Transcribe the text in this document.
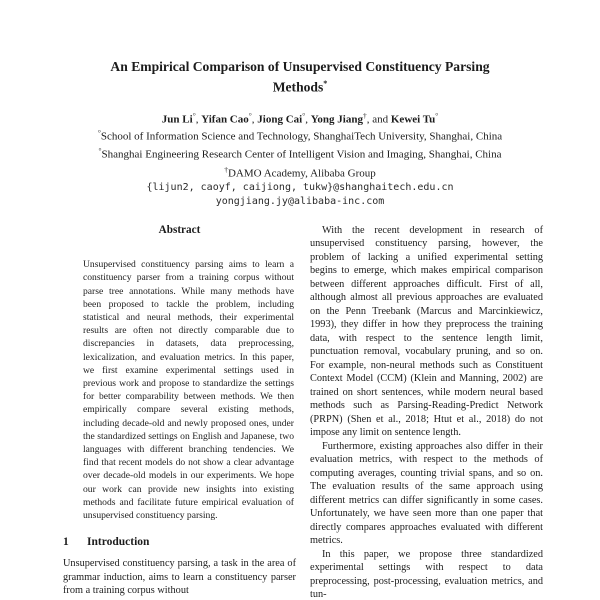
An Empirical Comparison of Unsupervised Constituency Parsing
Methods*
Jun Li°, Yifan Cao°, Jiong Cai°, Yong Jiang†, and Kewei Tu°
°School of Information Science and Technology, ShanghaiTech University, Shanghai, China
°Shanghai Engineering Research Center of Intelligent Vision and Imaging, Shanghai, China
†DAMO Academy, Alibaba Group
{lijun2, caoyf, caijiong, tukw}@shanghaitech.edu.cn
yongjiang.jy@alibaba-inc.com
Abstract

Unsupervised constituency parsing aims to learn a constituency parser from a training corpus without parse tree annotations. While many methods have been proposed to tackle the problem, including statistical and neural methods, their experimental results are often not directly comparable due to discrepancies in datasets, data preprocessing, lexicalization, and evaluation metrics. In this paper, we first examine experimental settings used in previous work and propose to standardize the settings for better comparability between methods. We then empirically compare several existing methods, including decade-old and newly proposed ones, under the standardized settings on English and Japanese, two languages with different branching tendencies. We find that recent models do not show a clear advantage over decade-old models in our experiments. We hope our work can provide new insights into existing methods and facilitate future empirical evaluation of unsupervised constituency parsing.

1 Introduction

Unsupervised constituency parsing, a task in the area of grammar induction, aims to learn a constituency parser from a training corpus without

With the recent development in research of unsupervised constituency parsing, however, the problem of lacking a unified experimental setting begins to emerge, which makes empirical comparison between different approaches difficult. First of all, although almost all previous approaches are evaluated on the Penn Treebank (Marcus and Marcinkiewicz, 1993), they differ in how they preprocess the training data, with respect to the sentence length limit, punctuation removal, vocabulary pruning, and so on. For example, non-neural methods such as Constituent Context Model (CCM) (Klein and Manning, 2002) are trained on short sentences, while modern neural based methods such as Parsing-Reading-Predict Network (PRPN) (Shen et al., 2018; Htut et al., 2018) do not impose any limit on sentence length.

Furthermore, existing approaches also differ in their evaluation metrics, with respect to the methods of computing averages, counting trivial spans, and so on. The evaluation results of the same approach using different metrics can differ significantly in some cases. Unfortunately, we have seen more than one paper that directly compares approaches evaluated with different metrics.

In this paper, we propose three standardized experimental settings with respect to data preprocessing, post-processing, evaluation metrics, and tun-
